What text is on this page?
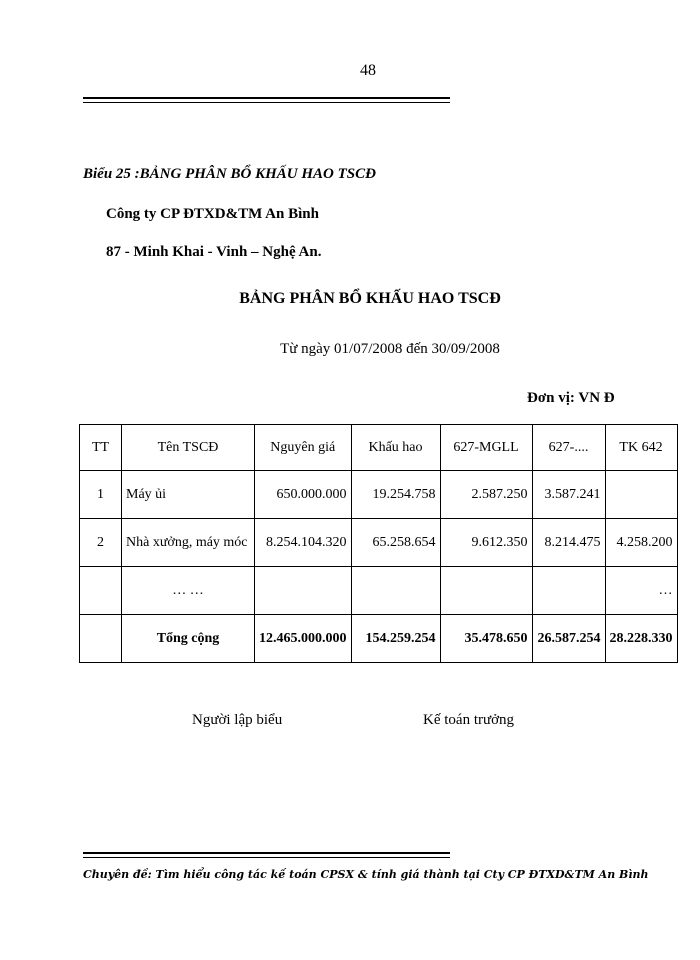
48
Biểu 25 :BẢNG PHÂN BỔ KHẤU HAO TSCĐ
Công ty CP ĐTXD&TM An Bình
87 - Minh Khai - Vinh – Nghệ An.
BẢNG PHÂN BỔ KHẤU HAO TSCĐ
Từ ngày 01/07/2008 đến 30/09/2008
Đơn vị: VN Đ
TT	Tên TSCĐ	Nguyên giá	Khấu hao	627-MGLL	627-....	TK 642
1	Máy ủi	650.000.000	19.254.758	2.587.250	3.587.241	
2	Nhà xưởng, máy móc	8.254.104.320	65.258.654	9.612.350	8.214.475	4.258.200
	… …					…
	Tổng cộng	12.465.000.000	154.259.254	35.478.650	26.587.254	28.228.330
Người lập biểu	Kế toán trưởng
Chuyên đề: Tìm hiểu công tác kế toán CPSX & tính giá thành tại Cty CP ĐTXD&TM An Bình
